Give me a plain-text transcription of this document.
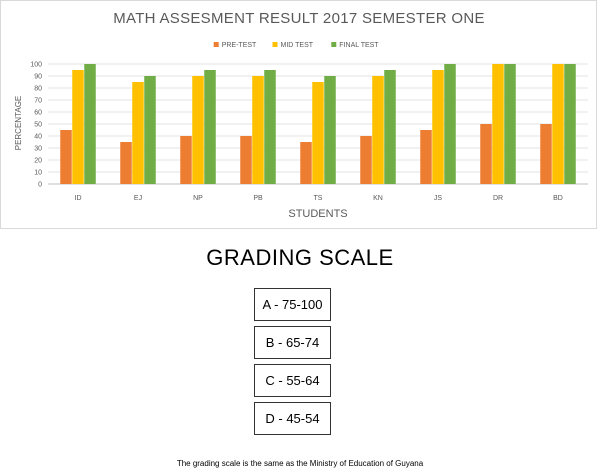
MATH ASSESMENT RESULT 2017 SEMESTER ONE
PRE-TEST	MID TEST	FINAL TEST
0
10
20
30
40
50
60
70
80
90
100
ID	EJ	NP	PB	TS	KN	JS	DR	BD
STUDENTS
PERCENTAGE
GRADING SCALE
A - 75-100
B - 65-74
C - 55-64
D - 45-54
The grading scale is the same as the Ministry of Education of Guyana
